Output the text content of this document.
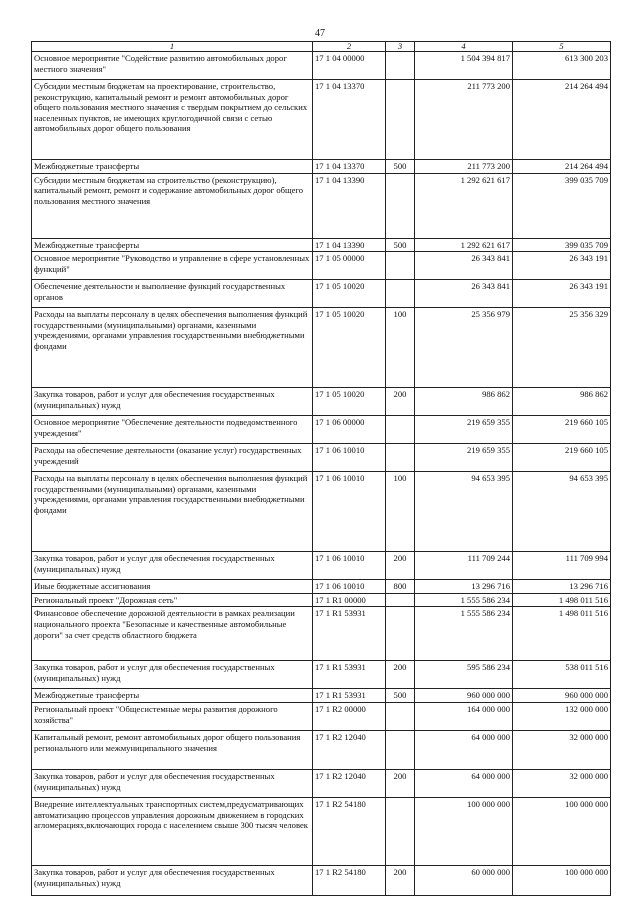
47
1	2	3	4	5
Основное мероприятие "Содействие развитию автомобильных дорог местного значения"	17 1 04 00000		1 504 394 817	613 300 203
Субсидии местным бюджетам на проектирование, строительство, реконструкцию, капитальный ремонт и ремонт автомобильных дорог общего пользования местного значения с твердым покрытием до сельских населенных пунктов, не имеющих круглогодичной связи с сетью автомобильных дорог общего пользования	17 1 04 13370		211 773 200	214 264 494
Межбюджетные трансферты	17 1 04 13370	500	211 773 200	214 264 494
Субсидии местным бюджетам на строительство (реконструкцию), капитальный ремонт, ремонт и содержание автомобильных дорог общего пользования местного значения	17 1 04 13390		1 292 621 617	399 035 709
Межбюджетные трансферты	17 1 04 13390	500	1 292 621 617	399 035 709
Основное мероприятие "Руководство и управление в сфере установленных функций"	17 1 05 00000		26 343 841	26 343 191
Обеспечение деятельности и выполнение функций государственных органов	17 1 05 10020		26 343 841	26 343 191
Расходы на выплаты персоналу в целях обеспечения выполнения функций государственными (муниципальными) органами, казенными учреждениями, органами управления государственными внебюджетными фондами	17 1 05 10020	100	25 356 979	25 356 329
Закупка товаров, работ и услуг для обеспечения государственных (муниципальных) нужд	17 1 05 10020	200	986 862	986 862
Основное мероприятие "Обеспечение деятельности подведомственного учреждения"	17 1 06 00000		219 659 355	219 660 105
Расходы на обеспечение деятельности (оказание услуг) государственных учреждений	17 1 06 10010		219 659 355	219 660 105
Расходы на выплаты персоналу в целях обеспечения выполнения функций государственными (муниципальными) органами, казенными учреждениями, органами управления государственными внебюджетными фондами	17 1 06 10010	100	94 653 395	94 653 395
Закупка товаров, работ и услуг для обеспечения государственных (муниципальных) нужд	17 1 06 10010	200	111 709 244	111 709 994
Иные бюджетные ассигнования	17 1 06 10010	800	13 296 716	13 296 716
Региональный проект "Дорожная сеть"	17 1 R1 00000		1 555 586 234	1 498 011 516
Финансовое обеспечение дорожной деятельности в рамках реализации национального проекта "Безопасные и качественные автомобильные дороги" за счет средств областного бюджета	17 1 R1 53931		1 555 586 234	1 498 011 516
Закупка товаров, работ и услуг для обеспечения государственных (муниципальных) нужд	17 1 R1 53931	200	595 586 234	538 011 516
Межбюджетные трансферты	17 1 R1 53931	500	960 000 000	960 000 000
Региональный проект "Общесистемные меры развития дорожного хозяйства"	17 1 R2 00000		164 000 000	132 000 000
Капитальный ремонт, ремонт автомобильных дорог общего пользования регионального или межмуниципального значения	17 1 R2 12040		64 000 000	32 000 000
Закупка товаров, работ и услуг для обеспечения государственных (муниципальных) нужд	17 1 R2 12040	200	64 000 000	32 000 000
Внедрение интеллектуальных транспортных систем,предусматривающих автоматизацию процессов управления дорожным движением в городских агломерациях,включающих города с населением свыше 300 тысяч человек	17 1 R2 54180		100 000 000	100 000 000
Закупка товаров, работ и услуг для обеспечения государственных (муниципальных) нужд	17 1 R2 54180	200	60 000 000	100 000 000
